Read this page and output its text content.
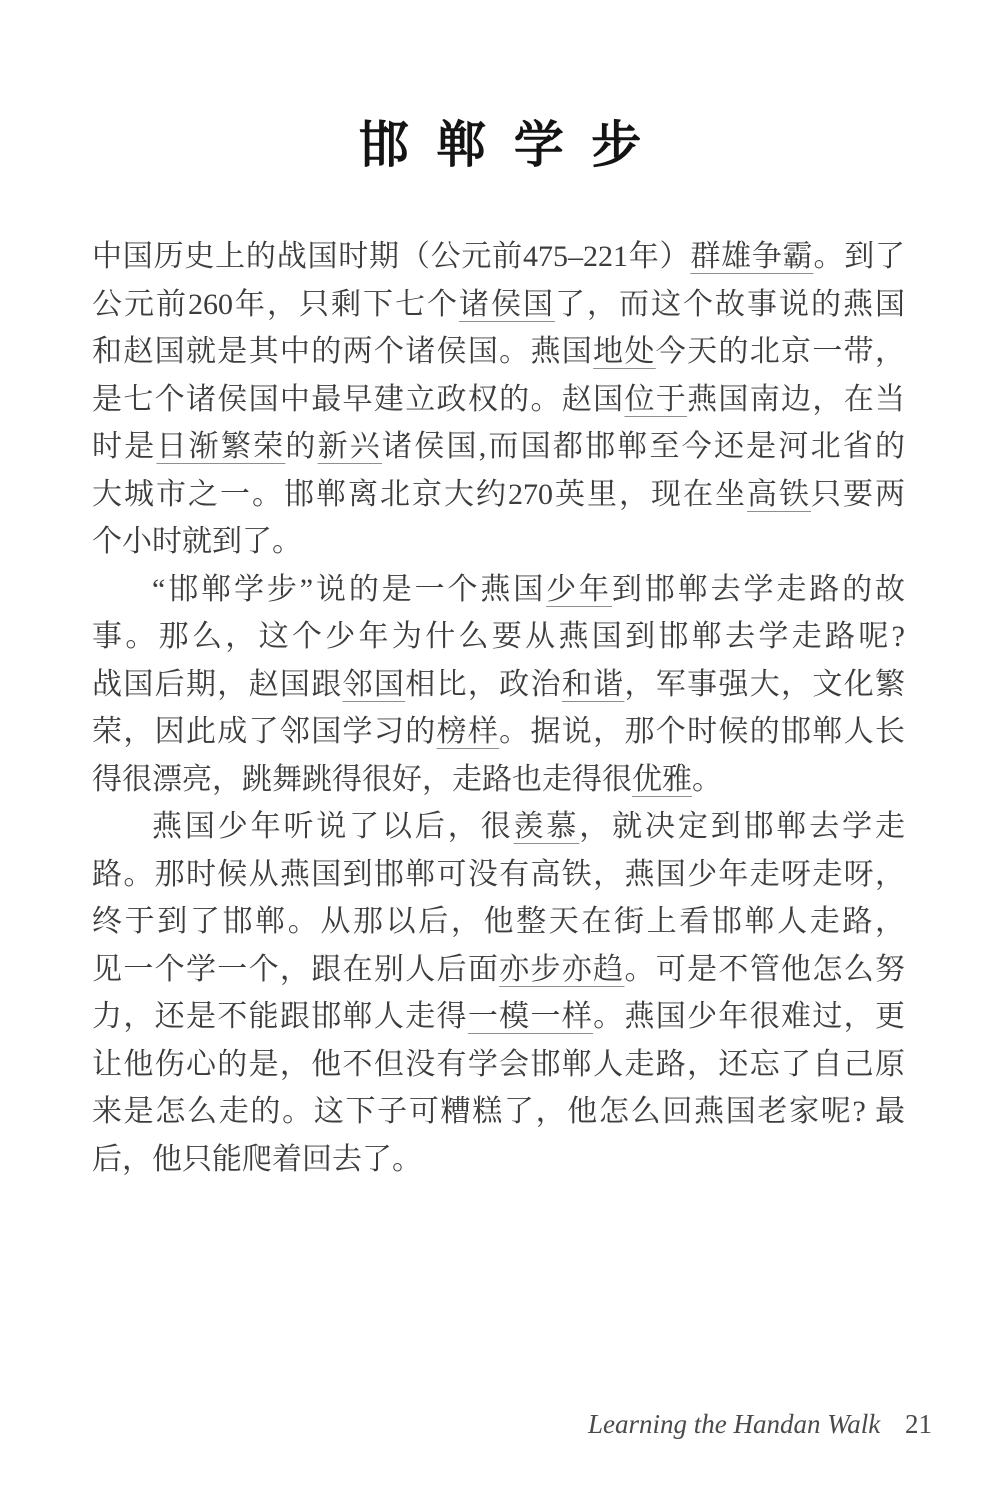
邯郸学步
中国历史上的战国时期（公元前475–221年）群雄争霸。到了
公元前260年，只剩下七个诸侯国了，而这个故事说的燕国
和赵国就是其中的两个诸侯国。燕国地处今天的北京一带，
是七个诸侯国中最早建立政权的。赵国位于燕国南边，在当
时是日渐繁荣的新兴诸侯国,而国都邯郸至今还是河北省的
大城市之一。邯郸离北京大约270英里，现在坐高铁只要两
个小时就到了。
“邯郸学步”说的是一个燕国少年到邯郸去学走路的故
事。那么，这个少年为什么要从燕国到邯郸去学走路呢?
战国后期，赵国跟邻国相比，政治和谐，军事强大，文化繁
荣，因此成了邻国学习的榜样。据说，那个时候的邯郸人长
得很漂亮，跳舞跳得很好，走路也走得很优雅。
燕国少年听说了以后，很羡慕，就决定到邯郸去学走
路。那时候从燕国到邯郸可没有高铁，燕国少年走呀走呀，
终于到了邯郸。从那以后，他整天在街上看邯郸人走路，
见一个学一个，跟在别人后面亦步亦趋。可是不管他怎么努
力，还是不能跟邯郸人走得一模一样。燕国少年很难过，更
让他伤心的是，他不但没有学会邯郸人走路，还忘了自己原
来是怎么走的。这下子可糟糕了，他怎么回燕国老家呢? 最
后，他只能爬着回去了。
Learning the Handan Walk 21
